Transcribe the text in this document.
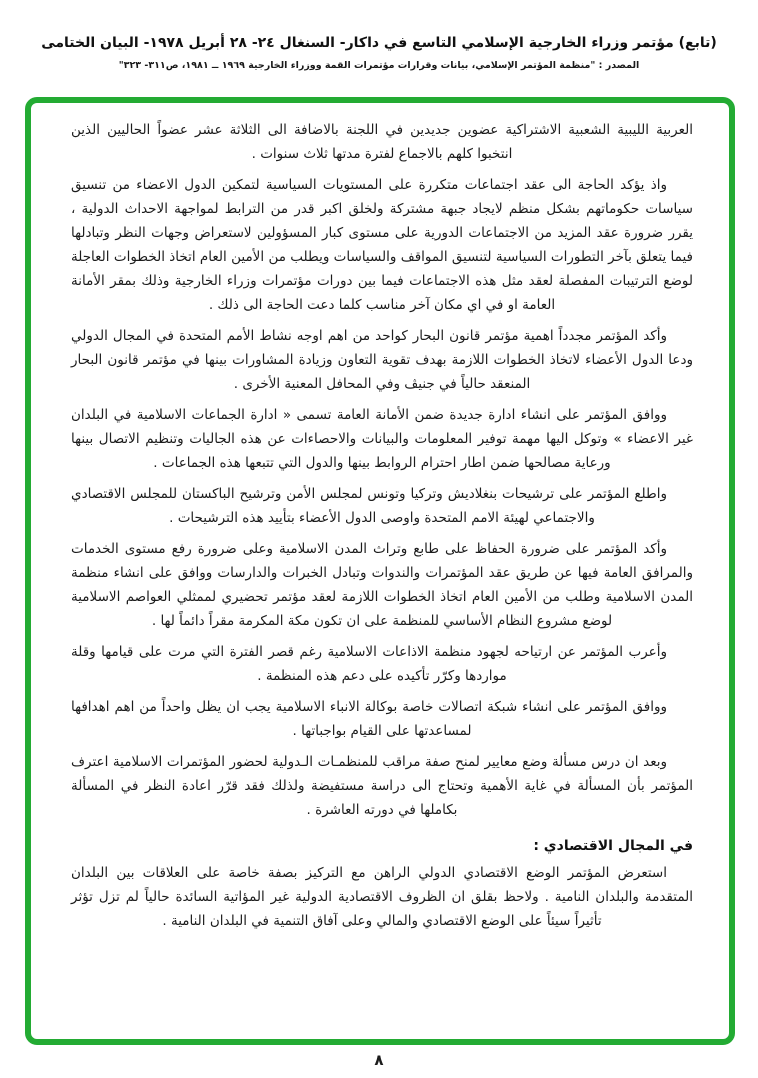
(تابع) مؤتمر وزراء الخارجية الإسلامي التاسع في داكار- السنغال ٢٤- ٢٨ أبريل ١٩٧٨- البيان الختامى
المصدر : "منظمة المؤتمر الإسلامي، بيانات وقرارات مؤتمرات القمة ووزراء الخارجية ١٩٦٩ ــ ١٩٨١، ص٣١١- ٣٢٣"

العربية الليبية الشعبية الاشتراكية عضوين جديدين في اللجنة بالاضافة الى الثلاثة عشر عضواً الحاليين الذين انتخبوا كلهم بالاجماع لفترة مدتها ثلاث سنوات .

واذ يؤكد الحاجة الى عقد اجتماعات متكررة على المستويات السياسية لتمكين الدول الاعضاء من تنسيق سياسات حكوماتهم بشكل منظم لايجاد جبهة مشتركة ولخلق اكبر قدر من الترابط لمواجهة الاحداث الدولية ، يقرر ضرورة عقد المزيد من الاجتماعات الدورية على مستوى كبار المسؤولين لاستعراض وجهات النظر وتبادلها فيما يتعلق بآخر التطورات السياسية لتنسيق المواقف والسياسات ويطلب من الأمين العام اتخاذ الخطوات العاجلة لوضع الترتيبات المفصلة لعقد مثل هذه الاجتماعات فيما بين دورات مؤتمرات وزراء الخارجية وذلك بمقر الأمانة العامة او في اي مكان آخر مناسب كلما دعت الحاجة الى ذلك .

وأكد المؤتمر مجدداً اهمية مؤتمر قانون البحار كواحد من اهم اوجه نشاط الأمم المتحدة في المجال الدولي ودعا الدول الأعضاء لاتخاذ الخطوات اللازمة بهدف تقوية التعاون وزيادة المشاورات بينها في مؤتمر قانون البحار المنعقد حالياً في جنيڤ وفي المحافل المعنية الأخرى .

ووافق المؤتمر على انشاء ادارة جديدة ضمن الأمانة العامة تسمى « ادارة الجماعات الاسلامية في البلدان غير الاعضاء » وتوكل اليها مهمة توفير المعلومات والبيانات والاحصاءات عن هذه الجاليات وتنظيم الاتصال بينها ورعاية مصالحها ضمن اطار احترام الروابط بينها والدول التي تتبعها هذه الجماعات .

واطلع المؤتمر على ترشيحات بنغلاديش وتركيا وتونس لمجلس الأمن وترشيح الباكستان للمجلس الاقتصادي والاجتماعي لهيئة الامم المتحدة واوصى الدول الأعضاء بتأييد هذه الترشيحات .

وأكد المؤتمر على ضرورة الحفاظ على طابع وتراث المدن الاسلامية وعلى ضرورة رفع مستوى الخدمات والمرافق العامة فيها عن طريق عقد المؤتمرات والندوات وتبادل الخبرات والدارسات ووافق على انشاء منظمة المدن الاسلامية وطلب من الأمين العام اتخاذ الخطوات اللازمة لعقد مؤتمر تحضيري لممثلي العواصم الاسلامية لوضع مشروع النظام الأساسي للمنظمة على ان تكون مكة المكرمة مقراً دائماً لها .

وأعرب المؤتمر عن ارتياحه لجهود منظمة الاذاعات الاسلامية رغم قصر الفترة التي مرت على قيامها وقلة مواردها وكرّر تأكيده على دعم هذه المنظمة .

ووافق المؤتمر على انشاء شبكة اتصالات خاصة بوكالة الانباء الاسلامية يجب ان يظل واحداً من اهم اهدافها لمساعدتها على القيام بواجباتها .

وبعد ان درس مسألة وضع معايير لمنح صفة مراقب للمنظمـات الـدولية لحضور المؤتمرات الاسلامية اعترف المؤتمر بأن المسألة في غاية الأهمية وتحتاج الى دراسة مستفيضة ولذلك فقد قرّر اعادة النظر في المسألة بكاملها في دورته العاشرة .

في المجال الاقتصادي :

استعرض المؤتمر الوضع الاقتصادي الدولي الراهن مع التركيز بصفة خاصة على العلاقات بين البلدان المتقدمة والبلدان النامية . ولاحظ بقلق ان الظروف الاقتصادية الدولية غير المؤاتية السائدة حالياً لم تزل تؤثر تأثيراً سيئاً على الوضع الاقتصادي والمالي وعلى آفاق التنمية في البلدان النامية .

٨
